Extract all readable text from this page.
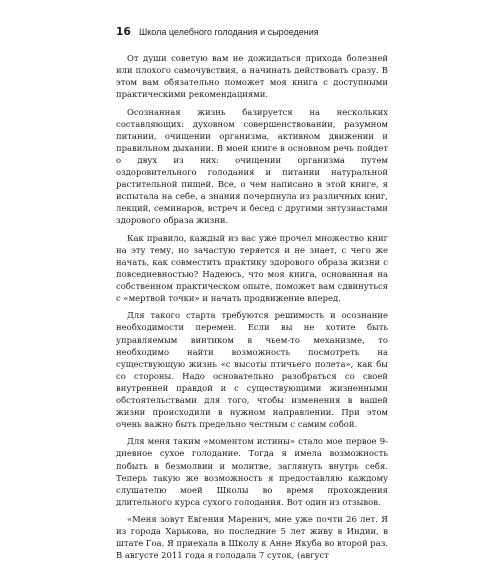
16 Школа целебного голодания и сыроедения

От души советую вам не дожидаться прихода болезней или плохого самочувствия, а начинать действовать сразу. В этом вам обязательно поможет моя книга с доступными практическими рекомендациями.

Осознанная жизнь базируется на нескольких составляющих: духовном совершенствовании, разумном питании, очищении организма, активном движении и правильном дыхании. В моей книге в основном речь пойдет о двух из них: очищении организма путем оздоровительного голодания и питании натуральной растительной пищей. Все, о чем написано в этой книге, я испытала на себе, а знания почерпнула из различных книг, лекций, семинаров, встреч и бесед с другими энтузиастами здорового образа жизни.

Как правило, каждый из вас уже прочел множество книг на эту тему, но зачастую теряется и не знает, с чего же начать, как совместить практику здорового образа жизни с повседневностью? Надеюсь, что моя книга, основанная на собственном практическом опыте, поможет вам сдвинуться с «мертвой точки» и начать продвижение вперед.

Для такого старта требуются решимость и осознание необходимости перемен. Если вы не хотите быть управляемым винтиком в чьем-то механизме, то необходимо найти возможность посмотреть на существующую жизнь «с высоты птичьего полета», как бы со стороны. Надо основательно разобраться со своей внутренней правдой и с существующими жизненными обстоятельствами для того, чтобы изменения в вашей жизни происходили в нужном направлении. При этом очень важно быть предельно честным с самим собой.

Для меня таким «моментом истины» стало мое первое 9-дневное сухое голодание. Тогда я имела возможность побыть в безмолвии и молитве, заглянуть внутрь себя. Теперь такую же возможность я предоставляю каждому слушателю моей Школы во время прохождения длительного курса сухого голодания. Вот один из отзывов.

«Меня зовут Евгения Маренич, мне уже почти 26 лет. Я из города Харькова, но последние 5 лет живу в Индии, в штате Гоа. Я приехала в Школу к Анне Якуба во второй раз. В августе 2011 года я голодала 7 суток, (август
